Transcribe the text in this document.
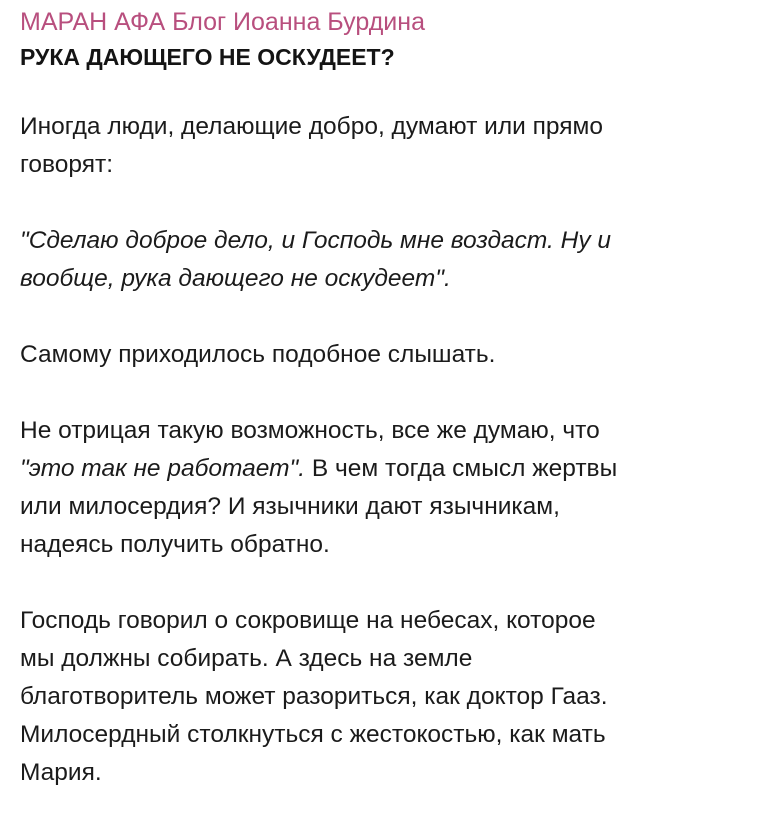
МАРАН АФА Блог Иоанна Бурдина
РУКА ДАЮЩЕГО НЕ ОСКУДЕЕТ?
Иногда люди, делающие добро, думают или прямо
говорят:
"Сделаю доброе дело, и Господь мне воздаст. Ну и
вообще, рука дающего не оскудеет".
Самому приходилось подобное слышать.
Не отрицая такую возможность, все же думаю, что
"это так не работает". В чем тогда смысл жертвы
или милосердия? И язычники дают язычникам,
надеясь получить обратно.
Господь говорил о сокровище на небесах, которое
мы должны собирать. А здесь на земле
благотворитель может разориться, как доктор Гааз.
Милосердный столкнуться с жестокостью, как мать
Мария.
